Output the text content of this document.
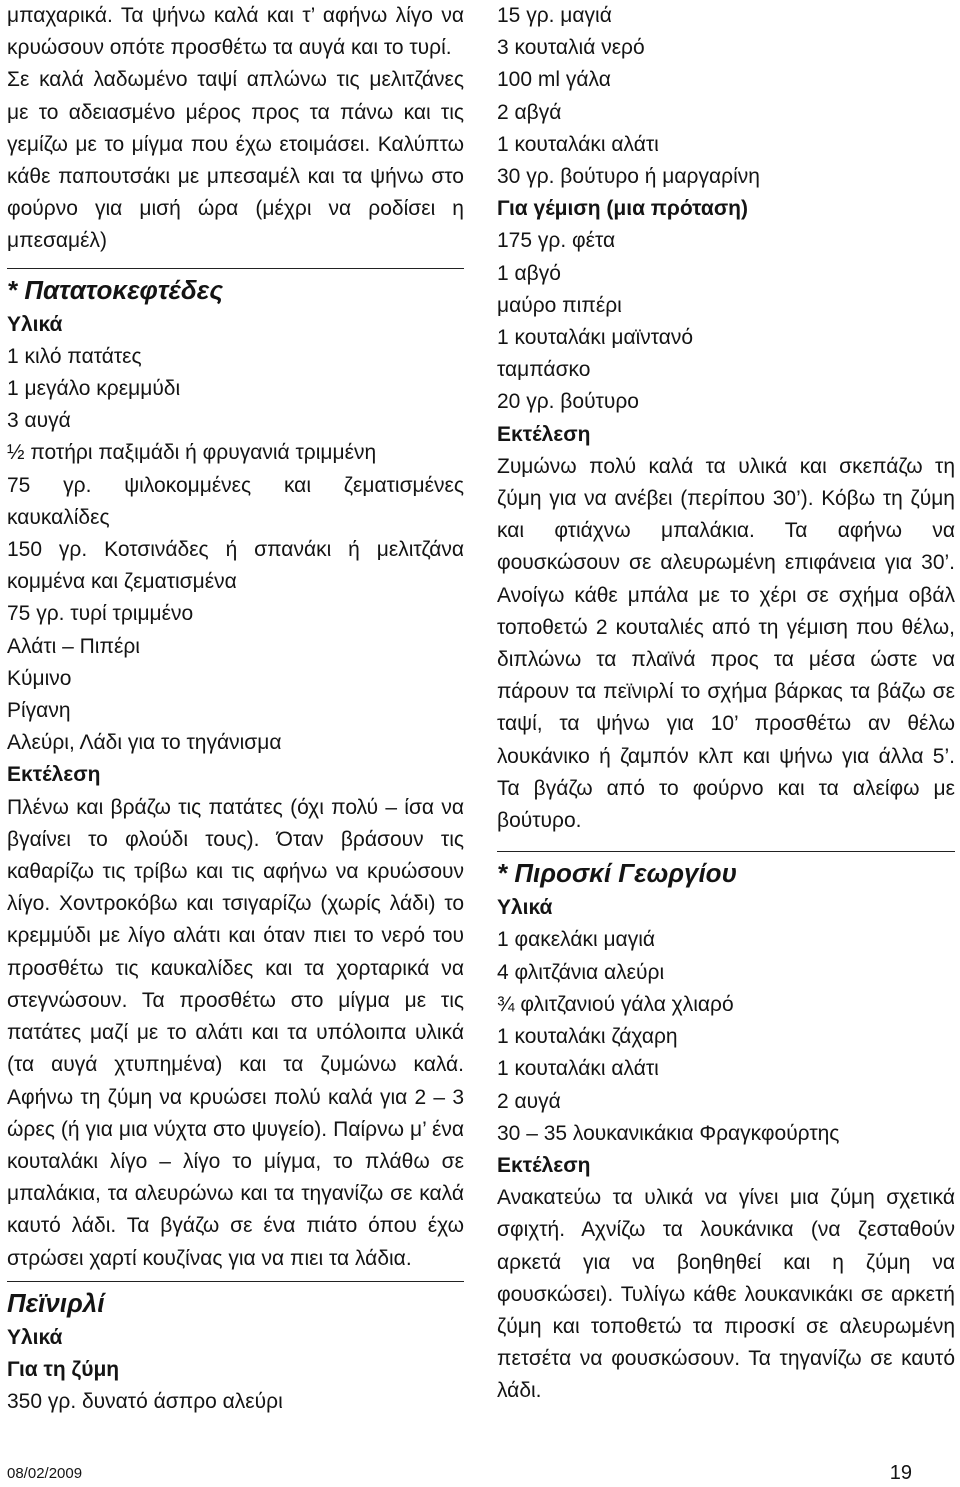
μπαχαρικά. Τα ψήνω καλά και τ’ αφήνω λίγο να κρυώσουν οπότε προσθέτω τα αυγά και το τυρί.

Σε καλά λαδωμένο ταψί απλώνω τις μελιτζάνες με το αδειασμένο μέρος προς τα πάνω και τις γεμίζω με το μίγμα που έχω ετοιμάσει. Καλύπτω κάθε παπουτσάκι με μπεσαμέλ και τα ψήνω στο φούρνο για μισή ώρα (μέχρι να ροδίσει η μπεσαμέλ)

* Πατατοκεφτέδες

Υλικά

1 κιλό πατάτες

1 μεγάλο κρεμμύδι

3 αυγά

½ ποτήρι παξιμάδι ή φρυγανιά τριμμένη

75 γρ. ψιλοκομμένες και ζεματισμένες καυκαλίδες

150 γρ. Κοτσινάδες ή σπανάκι ή μελιτζάνα κομμένα και ζεματισμένα

75 γρ. τυρί τριμμένο

Αλάτι – Πιπέρι

Κύμινο

Ρίγανη

Αλεύρι, Λάδι για το τηγάνισμα

Εκτέλεση

Πλένω και βράζω τις πατάτες (όχι πολύ – ίσα να βγαίνει το φλούδι τους). Όταν βράσουν τις καθαρίζω τις τρίβω και τις αφήνω να κρυώσουν λίγο. Χοντροκόβω και τσιγαρίζω (χωρίς λάδι) το κρεμμύδι με λίγο αλάτι και όταν πιει το νερό του προσθέτω τις καυκαλίδες και τα χορταρικά να στεγνώσουν. Τα προσθέτω στο μίγμα με τις πατάτες μαζί με το αλάτι και τα υπόλοιπα υλικά (τα αυγά χτυπημένα) και τα ζυμώνω καλά. Αφήνω τη ζύμη να κρυώσει πολύ καλά για 2 – 3 ώρες (ή για μια νύχτα στο ψυγείο). Παίρνω μ’ ένα κουταλάκι λίγο – λίγο το μίγμα, το πλάθω σε μπαλάκια, τα αλευρώνω και τα τηγανίζω σε καλά καυτό λάδι. Τα βγάζω σε ένα πιάτο όπου έχω στρώσει χαρτί κουζίνας για να πιει τα λάδια.

Πεϊνιρλί

Υλικά

Για τη ζύμη

350 γρ. δυνατό άσπρο αλεύρι

15 γρ. μαγιά

3 κουταλιά νερό

100 ml γάλα

2 αβγά

1 κουταλάκι αλάτι

30 γρ. βούτυρο ή μαργαρίνη

Για γέμιση (μια πρόταση)

175 γρ. φέτα

1 αβγό

μαύρο πιπέρι

1 κουταλάκι μαϊντανό

ταμπάσκο

20 γρ. βούτυρο

Εκτέλεση

Ζυμώνω πολύ καλά τα υλικά και σκεπάζω τη ζύμη για να ανέβει (περίπου 30’). Κόβω τη ζύμη και φτιάχνω μπαλάκια. Τα αφήνω να φουσκώσουν σε αλευρωμένη επιφάνεια για 30’. Ανοίγω κάθε μπάλα με το χέρι σε σχήμα οβάλ τοποθετώ 2 κουταλιές από τη γέμιση που θέλω, διπλώνω τα πλαϊνά προς τα μέσα ώστε να πάρουν τα πεϊνιρλί το σχήμα βάρκας τα βάζω σε ταψί, τα ψήνω για 10’ προσθέτω αν θέλω λουκάνικο ή ζαμπόν κλπ και ψήνω για άλλα 5’. Τα βγάζω από το φούρνο και τα αλείφω με βούτυρο.

* Πιροσκί Γεωργίου

Υλικά

1 φακελάκι μαγιά

4 φλιτζάνια αλεύρι

¾ φλιτζανιού γάλα χλιαρό

1 κουταλάκι ζάχαρη

1 κουταλάκι αλάτι

2 αυγά

30 – 35 λουκανικάκια Φραγκφούρτης

Εκτέλεση

Ανακατεύω τα υλικά να γίνει μια ζύμη σχετικά σφιχτή. Αχνίζω τα λουκάνικα (να ζεσταθούν αρκετά για να βοηθηθεί και η ζύμη να φουσκώσει). Τυλίγω κάθε λουκανικάκι σε αρκετή ζύμη και τοποθετώ τα πιροσκί σε αλευρωμένη πετσέτα να φουσκώσουν. Τα τηγανίζω σε καυτό λάδι.

08/02/2009	19
